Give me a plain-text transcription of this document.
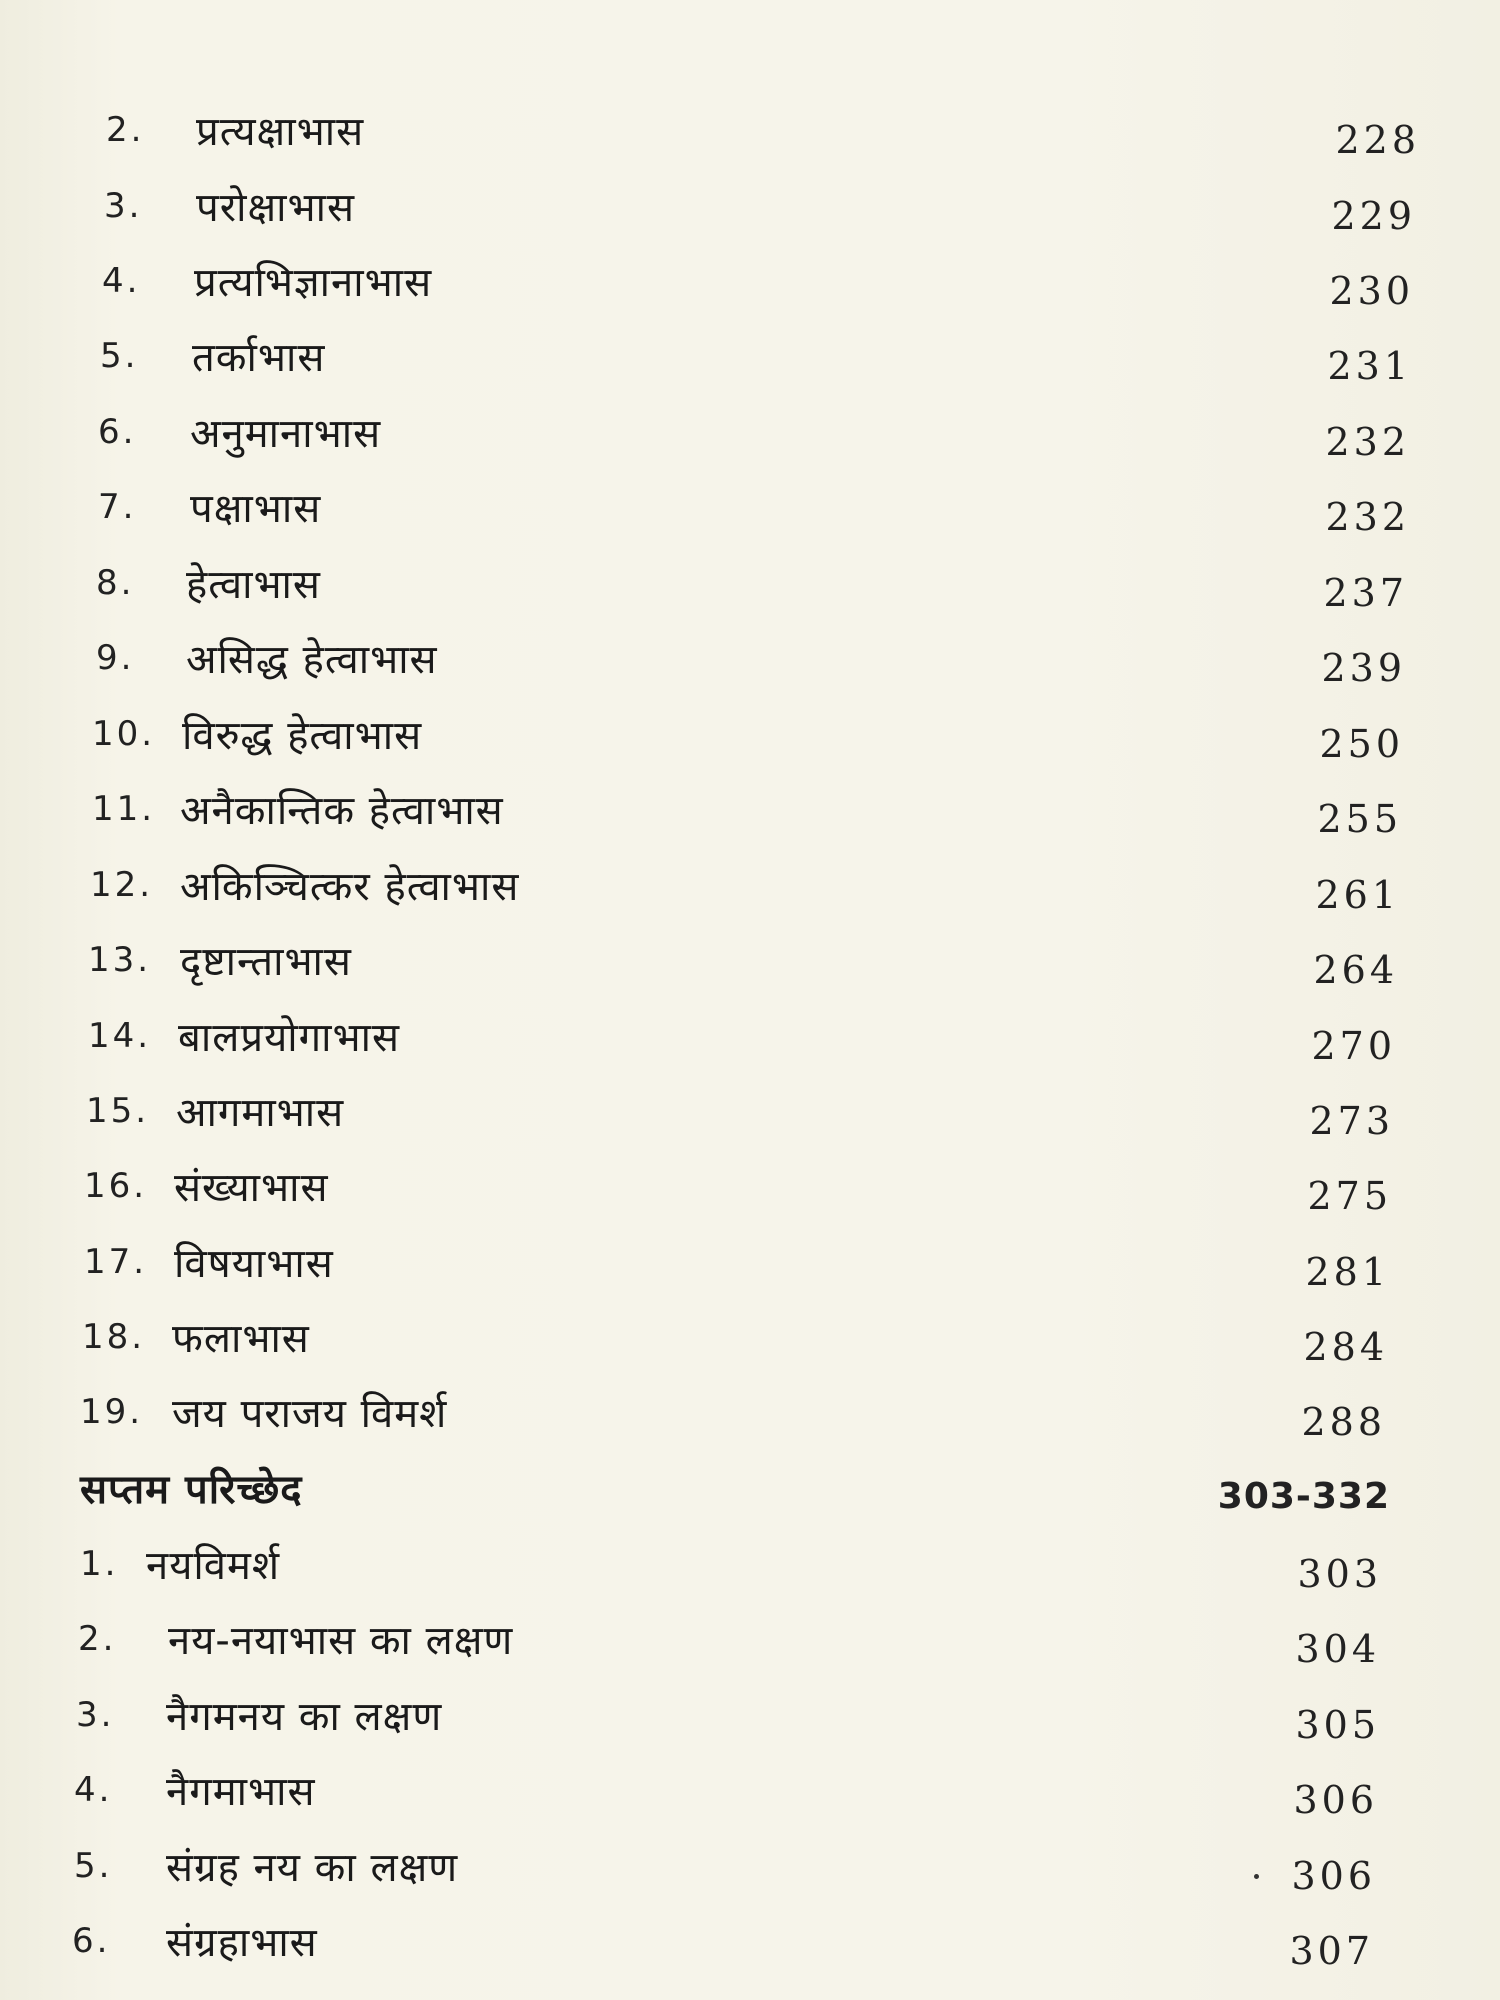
2. प्रत्यक्षाभास	228
3. परोक्षाभास	229
4. प्रत्यभिज्ञानाभास	230
5. तर्काभास	231
6. अनुमानाभास	232
7. पक्षाभास	232
8. हेत्वाभास	237
9. असिद्ध हेत्वाभास	239
10. विरुद्ध हेत्वाभास	250
11. अनैकान्तिक हेत्वाभास	255
12. अकिञ्चित्कर हेत्वाभास	261
13. दृष्टान्ताभास	264
14. बालप्रयोगाभास	270
15. आगमाभास	273
16. संख्याभास	275
17. विषयाभास	281
18. फलाभास	284
19. जय पराजय विमर्श	288
सप्तम परिच्छेद	303-332
1. नयविमर्श	303
2. नय-नयाभास का लक्षण	304
3. नैगमनय का लक्षण	305
4. नैगमाभास	306
5. संग्रह नय का लक्षण	306
6. संग्रहाभास	307
